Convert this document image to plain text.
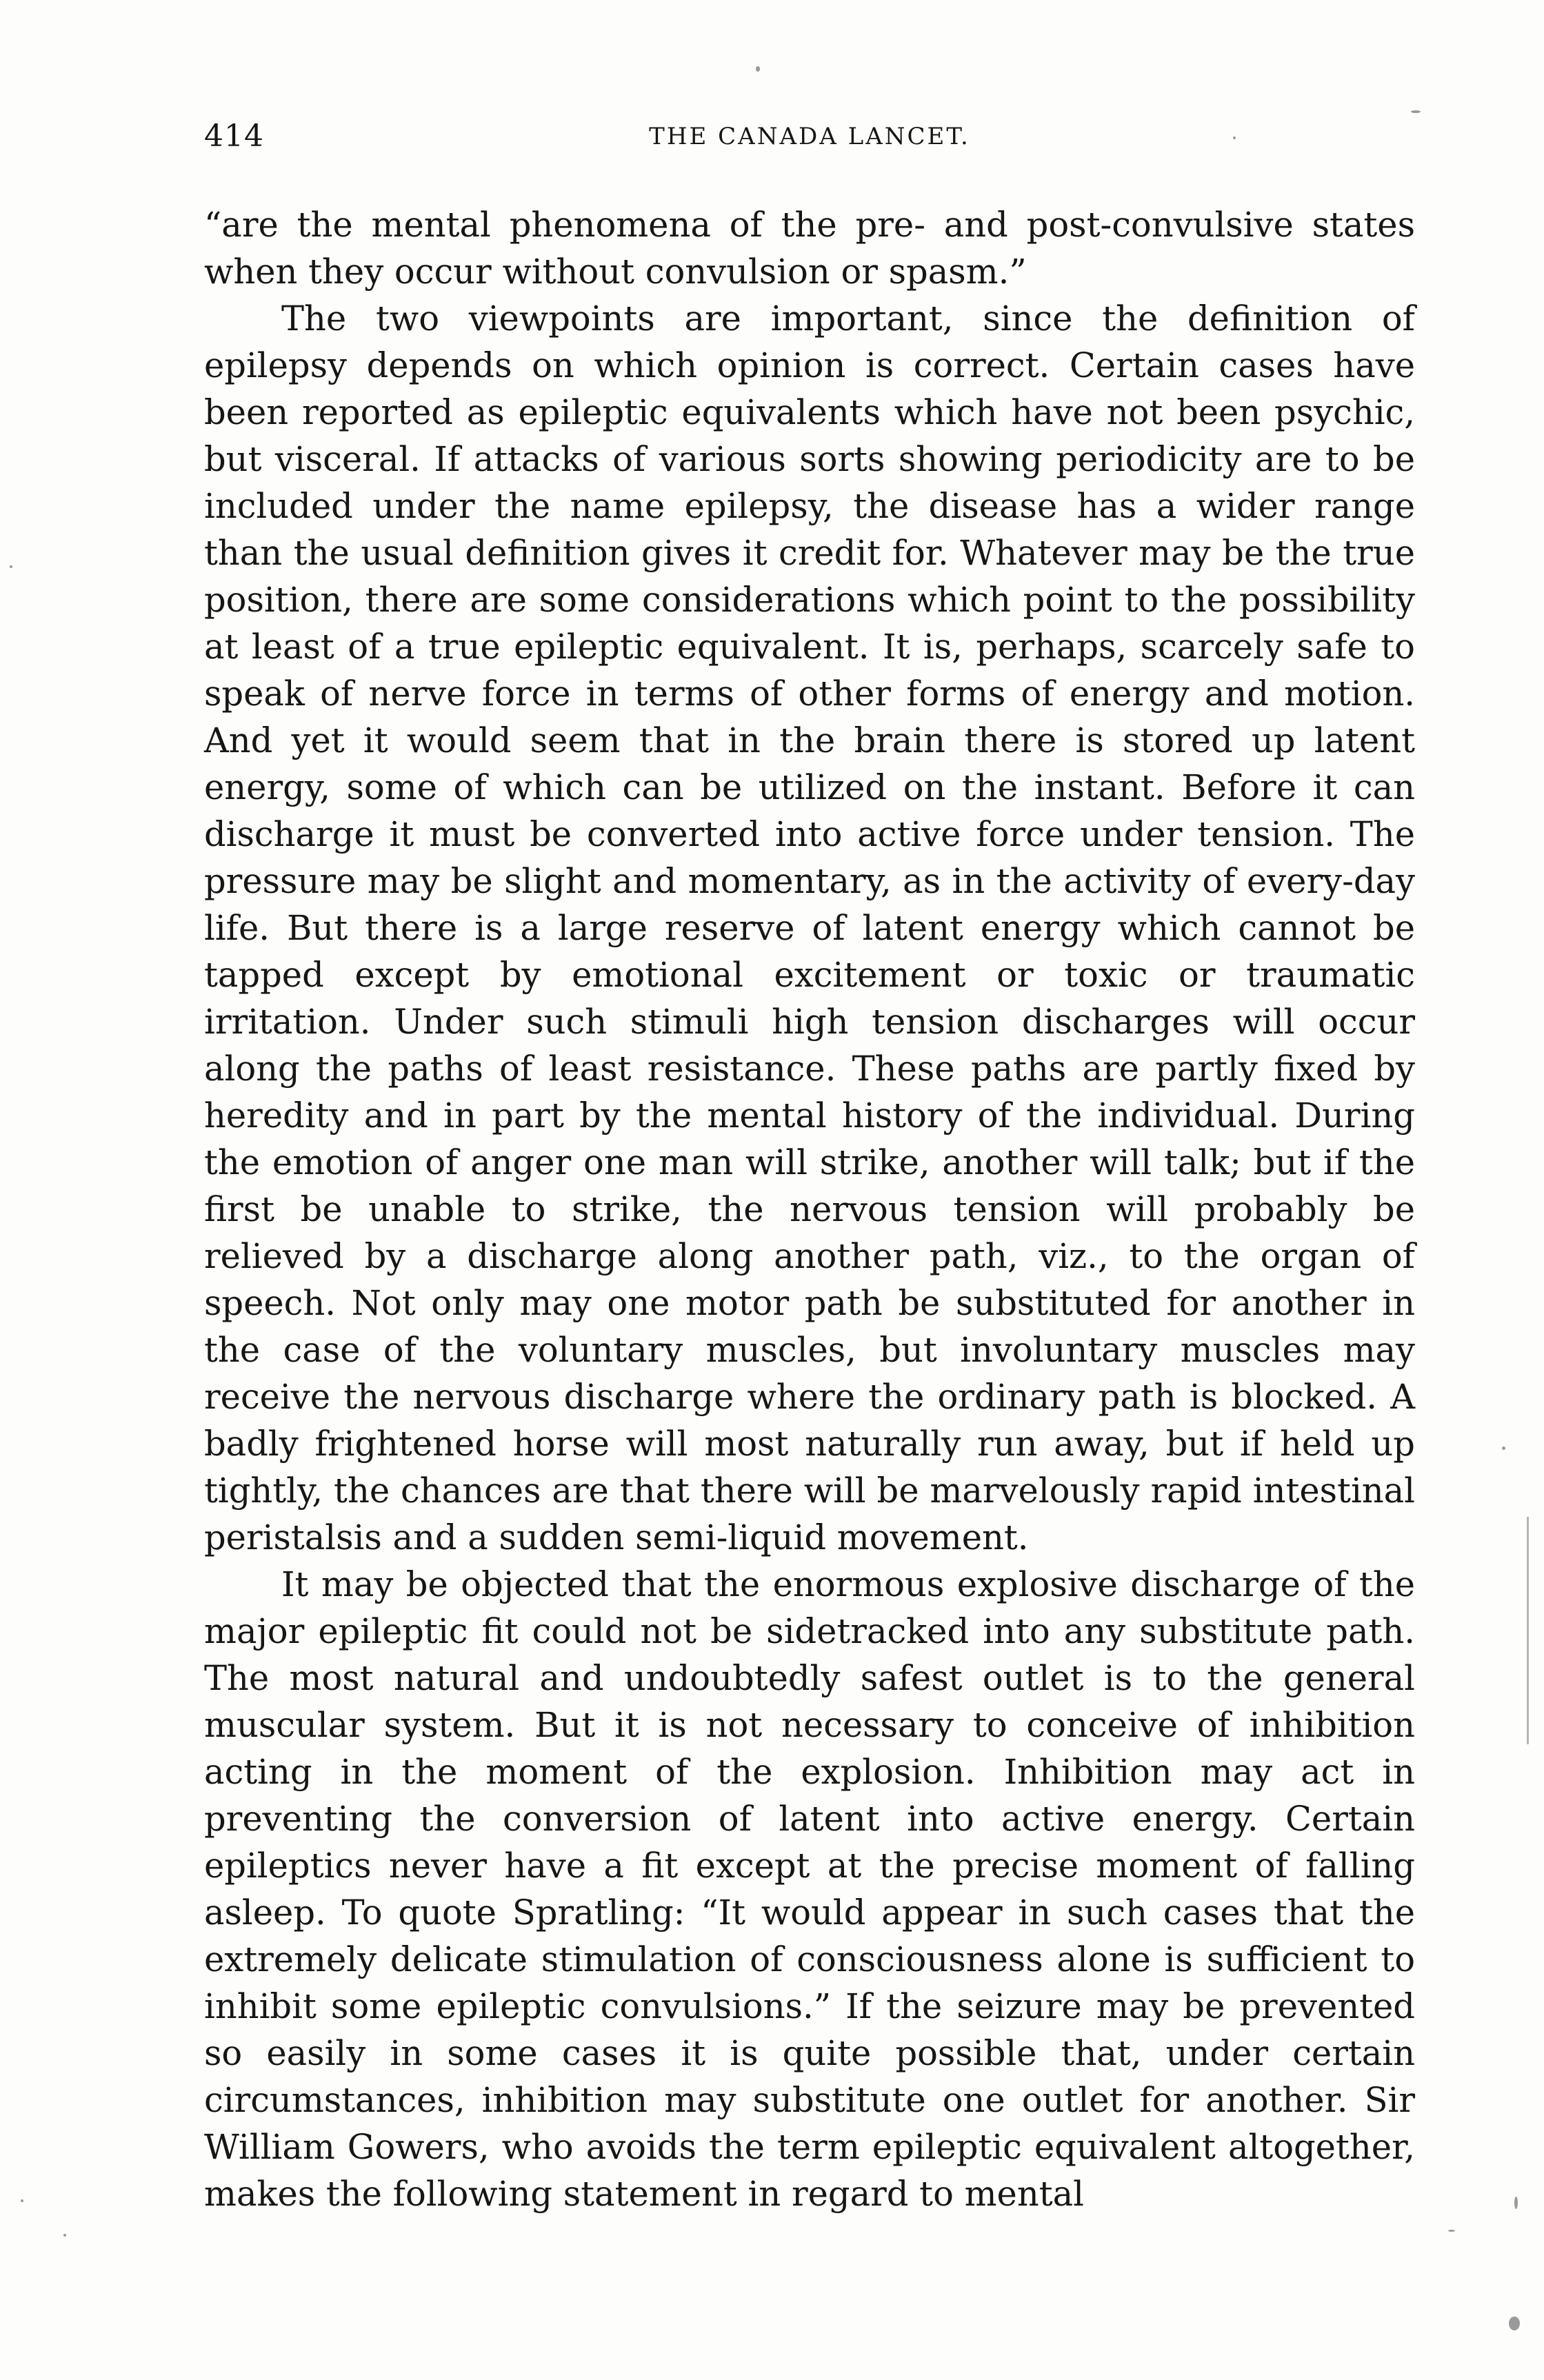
414	THE CANADA LANCET.

“are the mental phenomena of the pre- and post-convulsive states when they occur without convulsion or spasm.”

The two viewpoints are important, since the definition of epilepsy depends on which opinion is correct. Certain cases have been reported as epileptic equivalents which have not been psychic, but visceral. If attacks of various sorts showing periodicity are to be included under the name epilepsy, the disease has a wider range than the usual definition gives it credit for. Whatever may be the true position, there are some considerations which point to the possibility at least of a true epileptic equivalent. It is, perhaps, scarcely safe to speak of nerve force in terms of other forms of energy and motion. And yet it would seem that in the brain there is stored up latent energy, some of which can be utilized on the instant. Before it can discharge it must be converted into active force under tension. The pressure may be slight and momentary, as in the activity of every-day life. But there is a large reserve of latent energy which cannot be tapped except by emotional excitement or toxic or traumatic irritation. Under such stimuli high tension discharges will occur along the paths of least resistance. These paths are partly fixed by heredity and in part by the mental history of the individual. During the emotion of anger one man will strike, another will talk; but if the first be unable to strike, the nervous tension will probably be relieved by a discharge along another path, viz., to the organ of speech. Not only may one motor path be substituted for another in the case of the voluntary muscles, but involuntary muscles may receive the nervous discharge where the ordinary path is blocked. A badly frightened horse will most naturally run away, but if held up tightly, the chances are that there will be marvelously rapid intestinal peristalsis and a sudden semi-liquid movement.

It may be objected that the enormous explosive discharge of the major epileptic fit could not be sidetracked into any substitute path. The most natural and undoubtedly safest outlet is to the general muscular system. But it is not necessary to conceive of inhibition acting in the moment of the explosion. Inhibition may act in preventing the conversion of latent into active energy. Certain epileptics never have a fit except at the precise moment of falling asleep. To quote Spratling: “It would appear in such cases that the extremely delicate stimulation of consciousness alone is sufficient to inhibit some epileptic convulsions.” If the seizure may be prevented so easily in some cases it is quite possible that, under certain circumstances, inhibition may substitute one outlet for another. Sir William Gowers, who avoids the term epileptic equivalent altogether, makes the following statement in regard to mental
